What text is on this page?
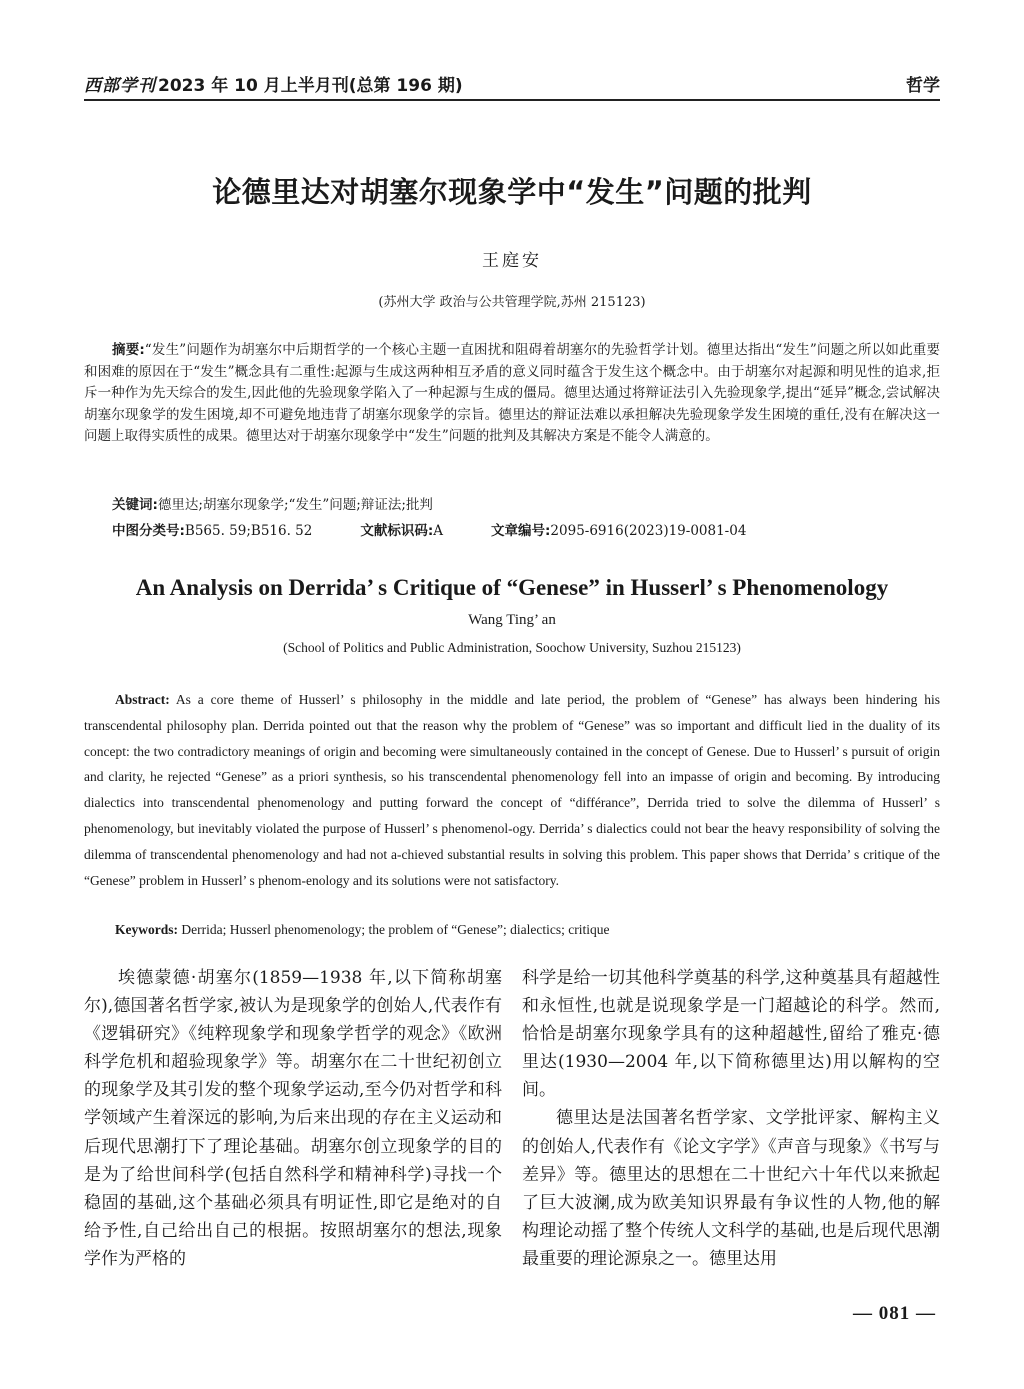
西部学刊 2023 年 10 月上半月刊(总第 196 期)	哲学
论德里达对胡塞尔现象学中“发生”问题的批判
王庭安
(苏州大学 政治与公共管理学院,苏州 215123)
摘要:“发生”问题作为胡塞尔中后期哲学的一个核心主题一直困扰和阻碍着胡塞尔的先验哲学计划。德里达指出“发生”问题之所以如此重要和困难的原因在于“发生”概念具有二重性:起源与生成这两种相互矛盾的意义同时蕴含于发生这个概念中。由于胡塞尔对起源和明见性的追求,拒斥一种作为先天综合的发生,因此他的先验现象学陷入了一种起源与生成的僵局。德里达通过将辩证法引入先验现象学,提出“延异”概念,尝试解决胡塞尔现象学的发生困境,却不可避免地违背了胡塞尔现象学的宗旨。德里达的辩证法难以承担解决先验现象学发生困境的重任,没有在解决这一问题上取得实质性的成果。德里达对于胡塞尔现象学中“发生”问题的批判及其解决方案是不能令人满意的。
关键词:德里达;胡塞尔现象学;“发生”问题;辩证法;批判
中图分类号:B565. 59;B516. 52	文献标识码:A	文章编号:2095-6916(2023)19-0081-04
An Analysis on Derrida’ s Critique of “Genese” in Husserl’ s Phenomenology
Wang Ting’ an
(School of Politics and Public Administration, Soochow University, Suzhou 215123)
Abstract: As a core theme of Husserl’ s philosophy in the middle and late period, the problem of “Genese” has always been hindering his transcendental philosophy plan. Derrida pointed out that the reason why the problem of “Genese” was so important and difficult lied in the duality of its concept: the two contradictory meanings of origin and becoming were simultaneously contained in the concept of Genese. Due to Husserl’ s pursuit of origin and clarity, he rejected “Genese” as a priori synthesis, so his transcendental phenomenology fell into an impasse of origin and becoming. By introducing dialectics into transcendental phenomenology and putting forward the concept of “différance”, Derrida tried to solve the dilemma of Husserl’ s phenomenology, but inevitably violated the purpose of Husserl’ s phenomenol-ogy. Derrida’ s dialectics could not bear the heavy responsibility of solving the dilemma of transcendental phenomenology and had not a-chieved substantial results in solving this problem. This paper shows that Derrida’ s critique of the “Genese” problem in Husserl’ s phenom-enology and its solutions were not satisfactory.
Keywords: Derrida; Husserl phenomenology; the problem of “Genese”; dialectics; critique

埃德蒙德·胡塞尔(1859—1938 年,以下简称胡塞尔),德国著名哲学家,被认为是现象学的创始人,代表作有《逻辑研究》《纯粹现象学和现象学哲学的观念》《欧洲科学危机和超验现象学》等。胡塞尔在二十世纪初创立的现象学及其引发的整个现象学运动,至今仍对哲学和科学领域产生着深远的影响,为后来出现的存在主义运动和后现代思潮打下了理论基础。胡塞尔创立现象学的目的是为了给世间科学(包括自然科学和精神科学)寻找一个稳固的基础,这个基础必须具有明证性,即它是绝对的自给予性,自己给出自己的根据。按照胡塞尔的想法,现象学作为严格的

科学是给一切其他科学奠基的科学,这种奠基具有超越性和永恒性,也就是说现象学是一门超越论的科学。然而,恰恰是胡塞尔现象学具有的这种超越性,留给了雅克·德里达(1930—2004 年,以下简称德里达)用以解构的空间。

德里达是法国著名哲学家、文学批评家、解构主义的创始人,代表作有《论文字学》《声音与现象》《书写与差异》等。德里达的思想在二十世纪六十年代以来掀起了巨大波澜,成为欧美知识界最有争议性的人物,他的解构理论动摇了整个传统人文科学的基础,也是后现代思潮最重要的理论源泉之一。德里达用

— 081 —
